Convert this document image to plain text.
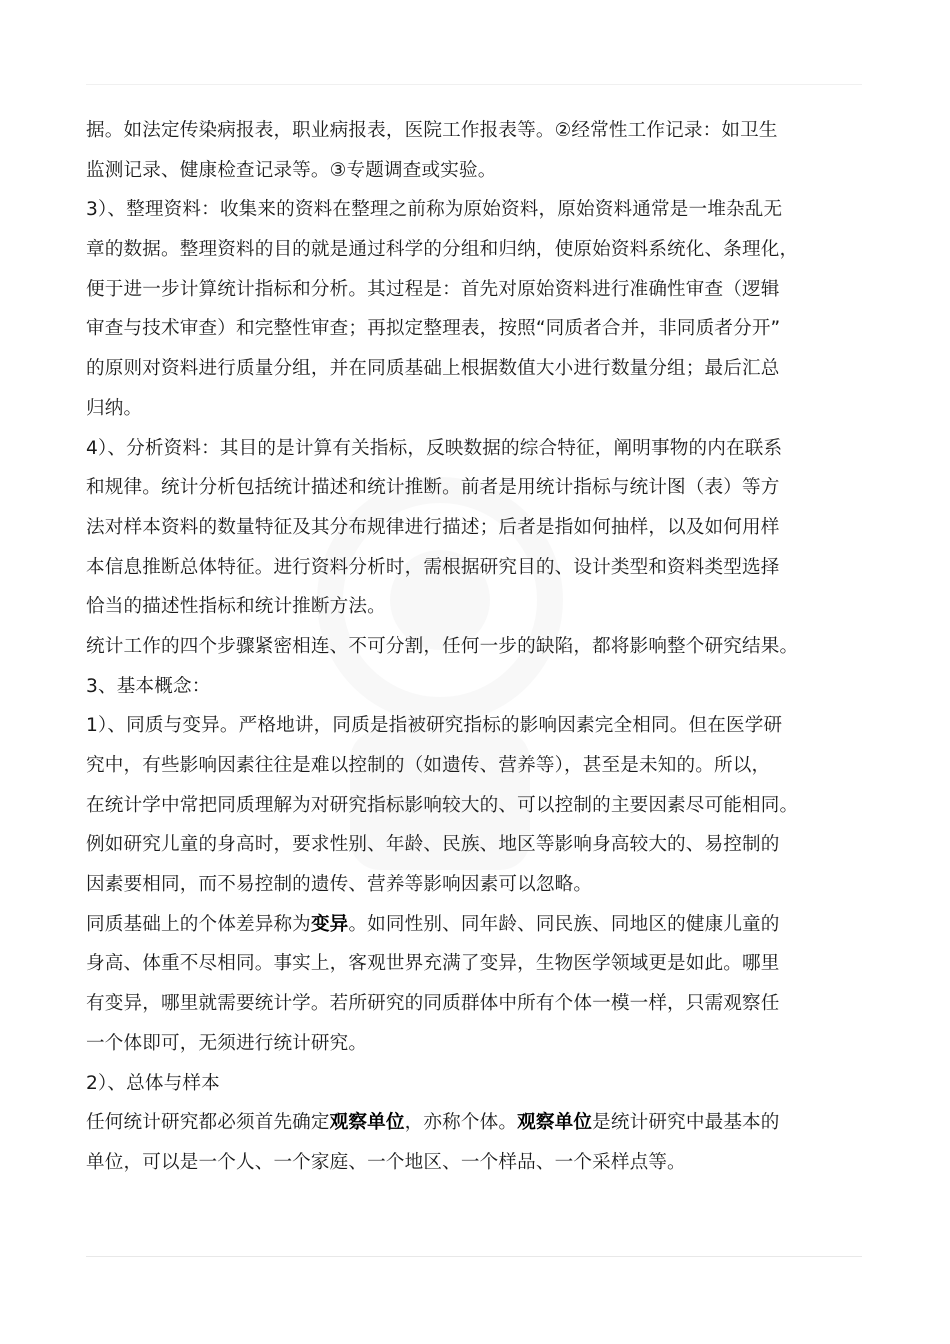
据。如法定传染病报表，职业病报表，医院工作报表等。②经常性工作记录：如卫生
监测记录、健康检查记录等。③专题调查或实验。
3）、整理资料：收集来的资料在整理之前称为原始资料，原始资料通常是一堆杂乱无
章的数据。整理资料的目的就是通过科学的分组和归纳，使原始资料系统化、条理化，
便于进一步计算统计指标和分析。其过程是：首先对原始资料进行准确性审查（逻辑
审查与技术审查）和完整性审查；再拟定整理表，按照“同质者合并，非同质者分开”
的原则对资料进行质量分组，并在同质基础上根据数值大小进行数量分组；最后汇总
归纳。
4）、分析资料：其目的是计算有关指标，反映数据的综合特征，阐明事物的内在联系
和规律。统计分析包括统计描述和统计推断。前者是用统计指标与统计图（表）等方
法对样本资料的数量特征及其分布规律进行描述；后者是指如何抽样，以及如何用样
本信息推断总体特征。进行资料分析时，需根据研究目的、设计类型和资料类型选择
恰当的描述性指标和统计推断方法。
统计工作的四个步骤紧密相连、不可分割，任何一步的缺陷，都将影响整个研究结果。
3、基本概念：
1）、同质与变异。严格地讲，同质是指被研究指标的影响因素完全相同。但在医学研
究中，有些影响因素往往是难以控制的（如遗传、营养等），甚至是未知的。所以，
在统计学中常把同质理解为对研究指标影响较大的、可以控制的主要因素尽可能相同。
例如研究儿童的身高时，要求性别、年龄、民族、地区等影响身高较大的、易控制的
因素要相同，而不易控制的遗传、营养等影响因素可以忽略。
同质基础上的个体差异称为变异。如同性别、同年龄、同民族、同地区的健康儿童的
身高、体重不尽相同。事实上，客观世界充满了变异，生物医学领域更是如此。哪里
有变异，哪里就需要统计学。若所研究的同质群体中所有个体一模一样，只需观察任
一个体即可，无须进行统计研究。
2）、总体与样本
任何统计研究都必须首先确定观察单位，亦称个体。观察单位是统计研究中最基本的
单位，可以是一个人、一个家庭、一个地区、一个样品、一个采样点等。
